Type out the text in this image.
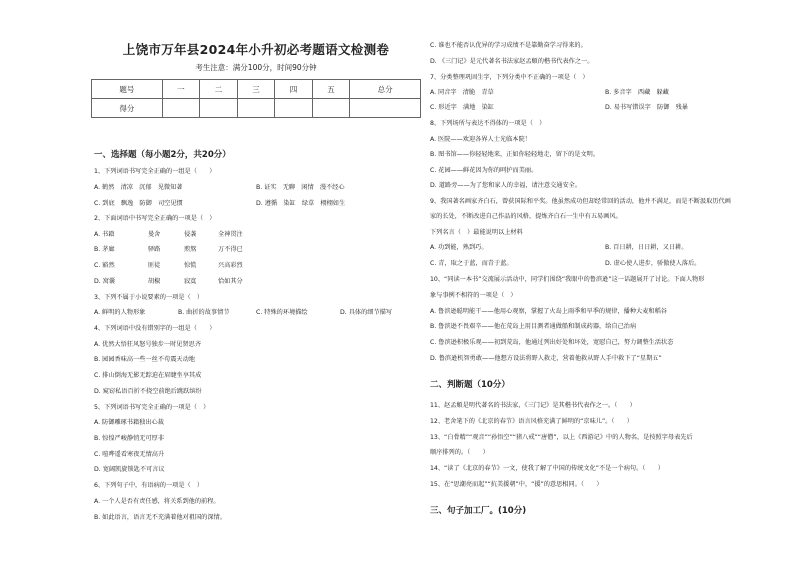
上饶市万年县2024年小升初必考题语文检测卷
考生注意：满分100分，时间90分钟
题号	一	二	三	四	五	总分
得分						
一、选择题（每小题2分，共20分）
1、下列词语书写完全正确的一组是（　　）
A. 鹤然　清凉　沉郁　见微知著	B. 证实　无聊　闲情　漫不经心
C. 到底　飘逸　防御　司空见惯	D. 遵循　染缸　绿草　栩栩如生
2、下面词语中书写完全正确的一项是（　）
A. 书籍	曼舍	侵袭	全神贯注
B. 茅廊	驿路	煎熬	万不得已
C. 豁然	匪徒	惊慌	兴高彩烈
D. 窝囊	胡椒	寂寞	恰如其分
3、下列不属于小说要素的一项是（　）
A. 鲜明的人物形象	B. 曲折的故事情节	C. 特殊的环境描绘	D. 具体的细节描写
4、下列词语中没有错别字的一组是（　　）
A. 优然大悟狂风怒号独步一时见贤思齐
B. 园园香味高一些一丝不苟震天动地
C. 排山倒海无影无踪迫在眉睫坐享其成
D. 窥窃私语百折不挠空前绝后跳跃缤纷
5、下列词语书写完全正确的一项是（　）
A. 防御雕琢书籍独出心裁
B. 惊惶严峻静悄无可厚非
C. 喧哗遥看寒夜无情高升
D. 宽阔凯旋锁匙不可言议
6、下列句子中，有语病的一项是（　）
A. 一个人是否有责任感，将关系到他的前程。
B. 如此语言，语言无不充满着他对祖国的深情。
C. 谁也不能否认优异的学习成绩不是靠勤奋学习得来的。
D. 《三门记》是元代著名书法家赵孟頫的楷书代表作之一。
7、分类整理巩固生字，下列分类中不正确的一项是（　）
A. 同音字　清脆　青草	B. 多音字　西藏　躲藏
C. 形近字　满地　染缸	D. 易书写错误字　防御　残暴
8、下列场所与表达不得体的一项是（　）
A. 医院——欢迎各界人士光临本院！
B. 图书馆——你轻轻地来，正如你轻轻地走，留下的是文明。
C. 花园——鲜花因为你的呵护而美丽。
D. 道路旁——为了您和家人的幸福，请注意交通安全。
9、我国著名画家齐白石，曾获国际和平奖。他虽然成功但却经常回的活动，他并不满足，而是不断汲取历代画
家的长处，不断改进自己作品的风格，提炼齐白石一生中有五易画风。
下列名言（　）最能说明以上材料
A. 功到能，熟到巧。	B. 百日耕，日日耕，又日耕。
C. 青，取之于蓝，而青于蓝。	D. 虚心使人进步，骄傲使人落后。
10、“同读一本书”交流展示活动中，同学们围绕“我眼中的鲁滨逊”这一话题展开了讨论。下面人物形
象与事例不相符的一项是（　）
A. 鲁滨逊聪明能干——他用心观察，掌握了火岛上雨季和旱季的规律，播种大麦和稻谷
B. 鲁滨逊不畏艰辛——他在荒岛上用目测者通做船和制成药器，给自己治病
C. 鲁滨逊积极乐观——初到荒岛，他通过列出好处和坏处，宽慰自己，努力调整生活状态
D. 鲁滨逊机智勇敢——他想方设法将野人救走，营着他救从野人手中救下了“星期五”
二、判断题（10分）
11、赵孟頫是明代著名的书法家，《三门记》是其楷书代表作之一。（　　）
12、老舍笔下的《北京的春节》语言风格充满了鲜明的“京味儿”。（　　）
13、“白骨精”“观音”“孙悟空”“猪八戒”“唐僧”，以上《西游记》中的人物名，是按照字母表先后
顺序排列的。（　　）
14、“读了《北京的春节》一文，使我了解了中国的传统文化”不是一个病句。（　　）
15、在“思潮亮而起”“抗美援朝”中，“援”的意思相同。（　　）
三、句子加工厂。(10分)
